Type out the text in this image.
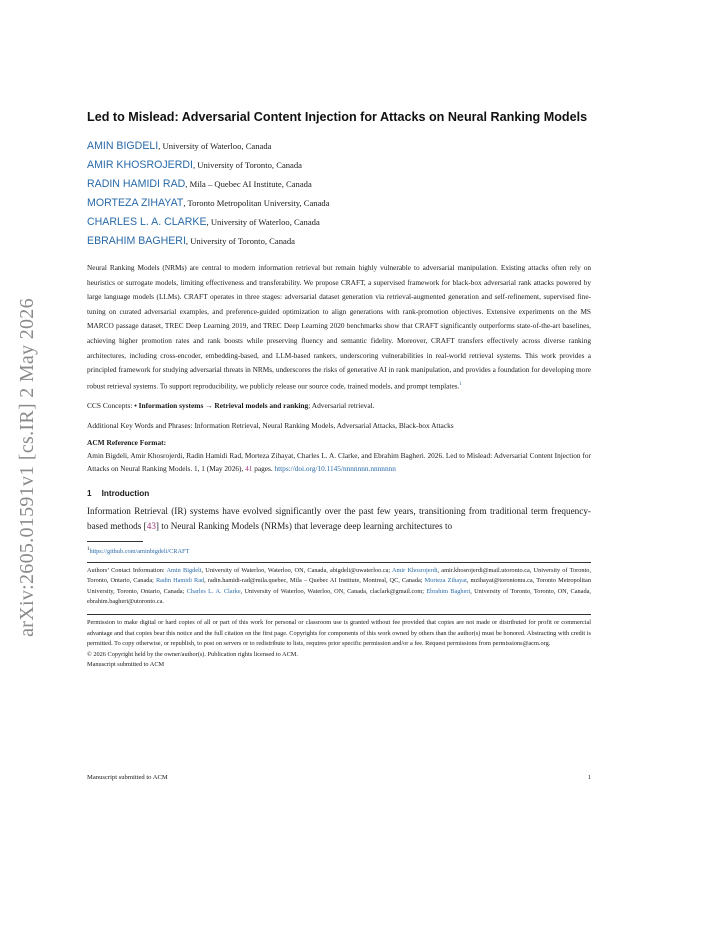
arXiv:2605.01591v1 [cs.IR] 2 May 2026
Led to Mislead: Adversarial Content Injection for Attacks on Neural Ranking Models
AMIN BIGDELI, University of Waterloo, Canada
AMIR KHOSROJERDI, University of Toronto, Canada
RADIN HAMIDI RAD, Mila – Quebec AI Institute, Canada
MORTEZA ZIHAYAT, Toronto Metropolitan University, Canada
CHARLES L. A. CLARKE, University of Waterloo, Canada
EBRAHIM BAGHERI, University of Toronto, Canada

Neural Ranking Models (NRMs) are central to modern information retrieval but remain highly vulnerable to adversarial manipulation. Existing attacks often rely on heuristics or surrogate models, limiting effectiveness and transferability. We propose CRAFT, a supervised framework for black-box adversarial rank attacks powered by large language models (LLMs). CRAFT operates in three stages: adversarial dataset generation via retrieval-augmented generation and self-refinement, supervised fine-tuning on curated adversarial examples, and preference-guided optimization to align generations with rank-promotion objectives. Extensive experiments on the MS MARCO passage dataset, TREC Deep Learning 2019, and TREC Deep Learning 2020 benchmarks show that CRAFT significantly outperforms state-of-the-art baselines, achieving higher promotion rates and rank boosts while preserving fluency and semantic fidelity. Moreover, CRAFT transfers effectively across diverse ranking architectures, including cross-encoder, embedding-based, and LLM-based rankers, underscoring vulnerabilities in real-world retrieval systems. This work provides a principled framework for studying adversarial threats in NRMs, underscores the risks of generative AI in rank manipulation, and provides a foundation for developing more robust retrieval systems. To support reproducibility, we publicly release our source code, trained models, and prompt templates.$^1$

CCS Concepts: • Information systems → Retrieval models and ranking; Adversarial retrieval.

Additional Key Words and Phrases: Information Retrieval, Neural Ranking Models, Adversarial Attacks, Black-box Attacks

ACM Reference Format:

Amin Bigdeli, Amir Khosrojerdi, Radin Hamidi Rad, Morteza Zihayat, Charles L. A. Clarke, and Ebrahim Bagheri. 2026. Led to Mislead: Adversarial Content Injection for Attacks on Neural Ranking Models. 1, 1 (May 2026), 41 pages. https://doi.org/10.1145/nnnnnnn.nnnnnnn

1 Introduction

Information Retrieval (IR) systems have evolved significantly over the past few years, transitioning from traditional term frequency-based methods [43] to Neural Ranking Models (NRMs) that leverage deep learning architectures to

$^1$https://github.com/aminbigdeli/CRAFT

Authors’ Contact Information: Amin Bigdeli, University of Waterloo, Waterloo, ON, Canada, abigdeli@uwaterloo.ca; Amir Khosrojerdi, amir.khosrojerdi@mail.utoronto.ca, University of Toronto, Toronto, Ontario, Canada; Radin Hamidi Rad, radin.hamidi-rad@mila.quebec, Mila – Quebec AI Institute, Montreal, QC, Canada; Morteza Zihayat, mzihayat@torontomu.ca, Toronto Metropolitan University, Toronto, Ontario, Canada; Charles L. A. Clarke, University of Waterloo, Waterloo, ON, Canada, claclark@gmail.com; Ebrahim Bagheri, University of Toronto, Toronto, ON, Canada, ebrahim.bagheri@utoronto.ca.

Permission to make digital or hard copies of all or part of this work for personal or classroom use is granted without fee provided that copies are not made or distributed for profit or commercial advantage and that copies bear this notice and the full citation on the first page. Copyrights for components of this work owned by others than the author(s) must be honored. Abstracting with credit is permitted. To copy otherwise, or republish, to post on servers or to redistribute to lists, requires prior specific permission and/or a fee. Request permissions from permissions@acm.org.

© 2026 Copyright held by the owner/author(s). Publication rights licensed to ACM.

Manuscript submitted to ACM

Manuscript submitted to ACM	1
